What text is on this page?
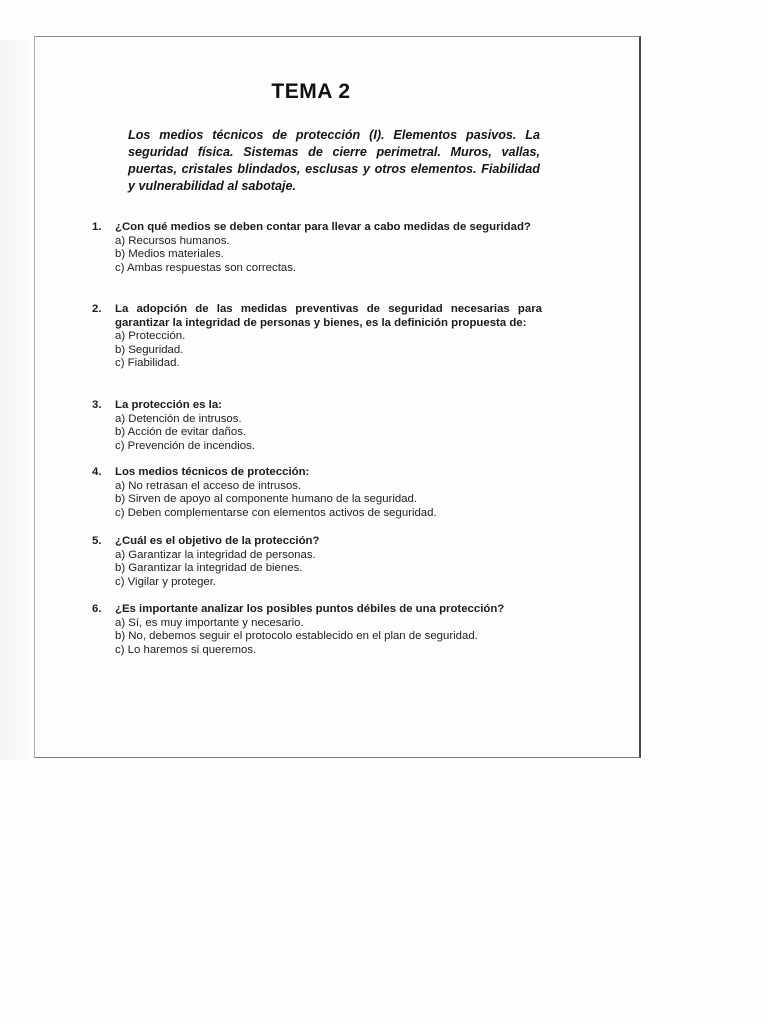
TEMA 2
Los medios técnicos de protección (I). Elementos pasivos. La seguridad física. Sistemas de cierre perimetral. Muros, vallas, puertas, cristales blindados, esclusas y otros elementos. Fiabilidad y vulnerabilidad al sabotaje.
1. ¿Con qué medios se deben contar para llevar a cabo medidas de seguridad?
a) Recursos humanos.
b) Medios materiales.
c) Ambas respuestas son correctas.
2. La adopción de las medidas preventivas de seguridad necesarias para garantizar la integridad de personas y bienes, es la definición propuesta de:
a) Protección.
b) Seguridad.
c) Fiabilidad.
3. La protección es la:
a) Detención de intrusos.
b) Acción de evitar daños.
c) Prevención de incendios.
4. Los medios técnicos de protección:
a) No retrasan el acceso de intrusos.
b) Sirven de apoyo al componente humano de la seguridad.
c) Deben complementarse con elementos activos de seguridad.
5. ¿Cuál es el objetivo de la protección?
a) Garantizar la integridad de personas.
b) Garantizar la integridad de bienes.
c) Vigilar y proteger.
6. ¿Es importante analizar los posibles puntos débiles de una protección?
a) Sí, es muy importante y necesario.
b) No, debemos seguir el protocolo establecido en el plan de seguridad.
c) Lo haremos si queremos.
